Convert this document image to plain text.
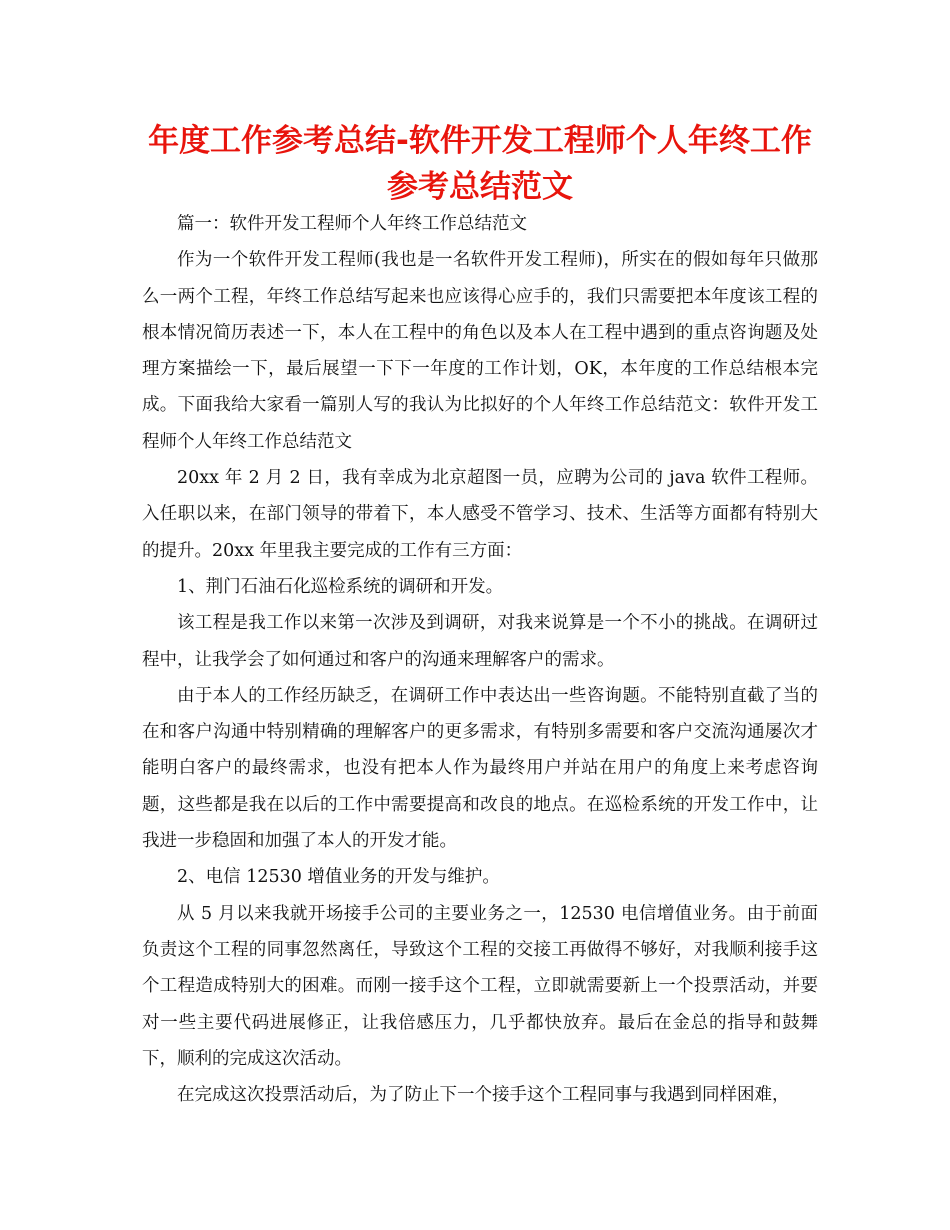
年度工作参考总结-软件开发工程师个人年终工作参考总结范文

篇一：软件开发工程师个人年终工作总结范文

作为一个软件开发工程师(我也是一名软件开发工程师)，所实在的假如每年只做那么一两个工程，年终工作总结写起来也应该得心应手的，我们只需要把本年度该工程的根本情况简历表述一下，本人在工程中的角色以及本人在工程中遇到的重点咨询题及处理方案描绘一下，最后展望一下下一年度的工作计划，OK，本年度的工作总结根本完成。下面我给大家看一篇别人写的我认为比拟好的个人年终工作总结范文：软件开发工程师个人年终工作总结范文

20xx 年 2 月 2 日，我有幸成为北京超图一员，应聘为公司的 java 软件工程师。入任职以来，在部门领导的带着下，本人感受不管学习、技术、生活等方面都有特别大的提升。20xx 年里我主要完成的工作有三方面：

1、荆门石油石化巡检系统的调研和开发。

该工程是我工作以来第一次涉及到调研，对我来说算是一个不小的挑战。在调研过程中，让我学会了如何通过和客户的沟通来理解客户的需求。

由于本人的工作经历缺乏，在调研工作中表达出一些咨询题。不能特别直截了当的在和客户沟通中特别精确的理解客户的更多需求，有特别多需要和客户交流沟通屡次才能明白客户的最终需求，也没有把本人作为最终用户并站在用户的角度上来考虑咨询题，这些都是我在以后的工作中需要提高和改良的地点。在巡检系统的开发工作中，让我进一步稳固和加强了本人的开发才能。

2、电信 12530 增值业务的开发与维护。

从 5 月以来我就开场接手公司的主要业务之一，12530 电信增值业务。由于前面负责这个工程的同事忽然离任，导致这个工程的交接工再做得不够好，对我顺利接手这个工程造成特别大的困难。而刚一接手这个工程，立即就需要新上一个投票活动，并要对一些主要代码进展修正，让我倍感压力，几乎都快放弃。最后在金总的指导和鼓舞下，顺利的完成这次活动。

在完成这次投票活动后，为了防止下一个接手这个工程同事与我遇到同样困难，
